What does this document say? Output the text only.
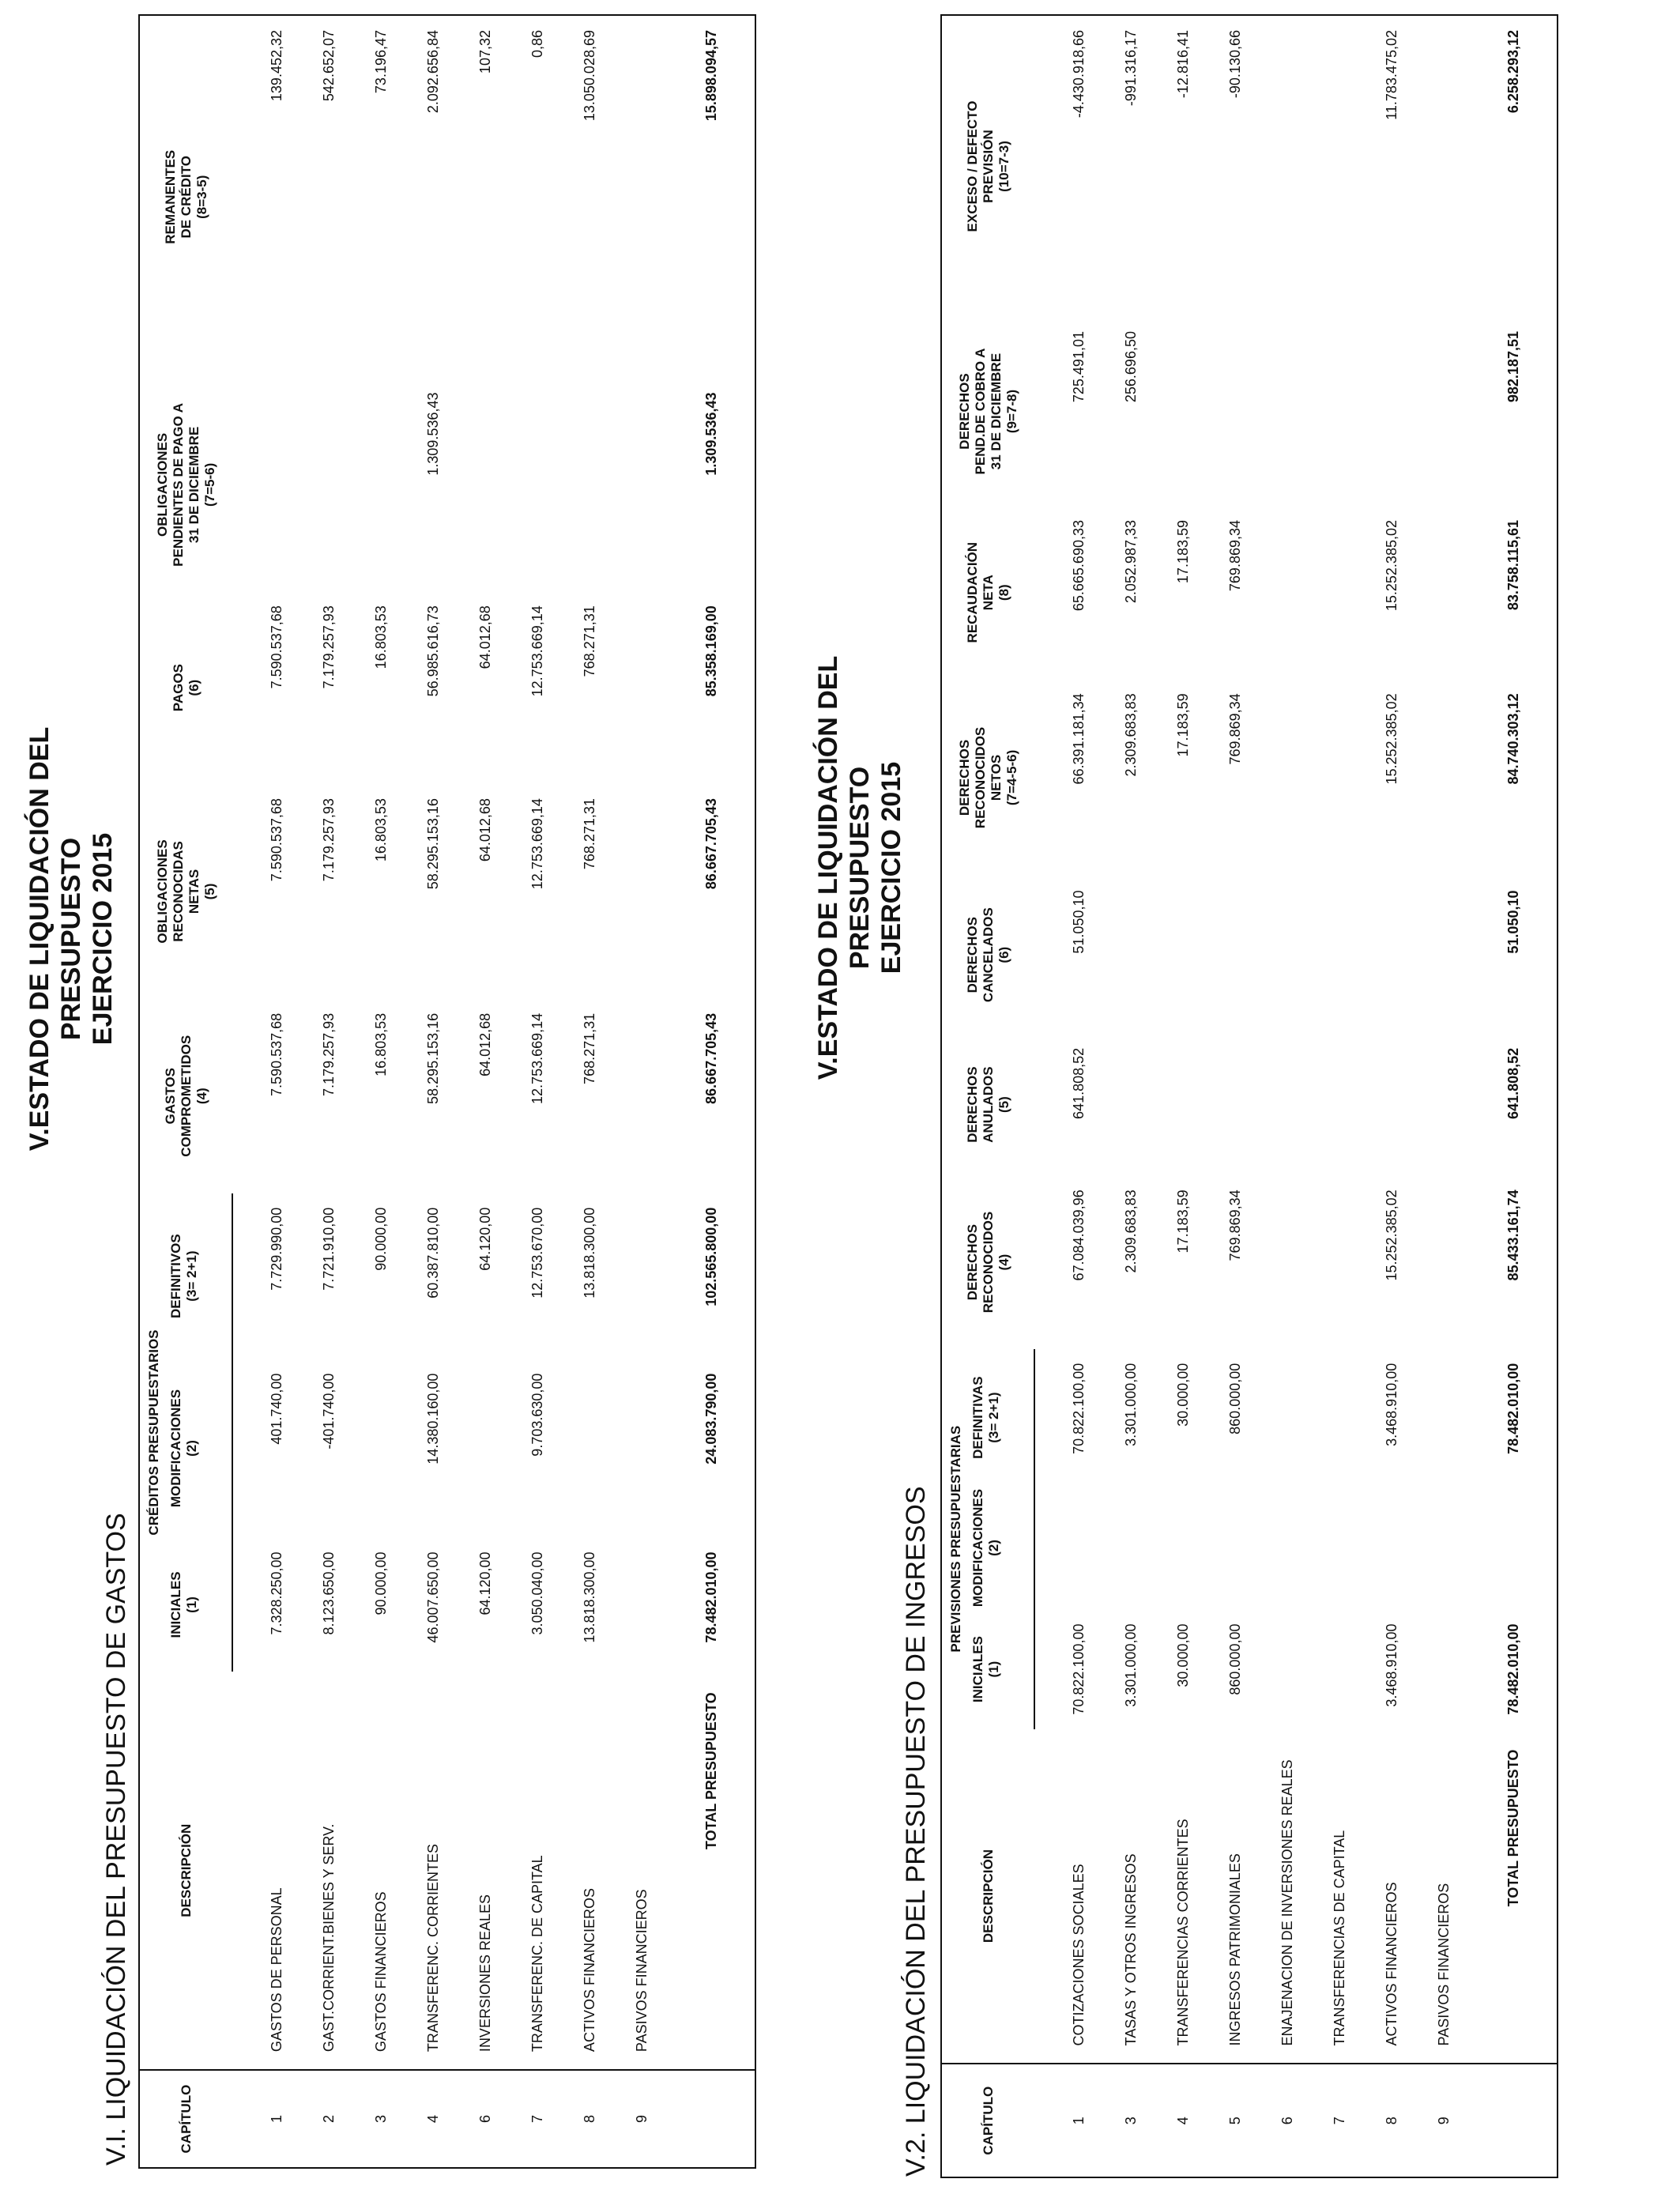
V.ESTADO DE LIQUIDACIÓN DEL PRESUPUESTO EJERCICIO 2015
V.I. LIQUIDACIÓN DEL PRESUPUESTO DE GASTOS	CAPÍTULO	DESCRIPCIÓN	CRÉDITOS PRESUPUESTARIOS			GASTOS
COMPROMETIDOS
(4)	OBLIGACIONES
RECONOCIDAS
NETAS
(5)	PAGOS
(6)	OBLIGACIONES
PENDIENTES DE PAGO A
31 DE DICIEMBRE
(7=5-6)	REMANENTES
DE CRÉDITO
(8=3-5)
		INICIALES
(1)	MODIFICACIONES
(2)	DEFINITIVOS
(3= 2+1)					

1	GASTOS DE PERSONAL	7.328.250,00	401.740,00	7.729.990,00	7.590.537,68	7.590.537,68	7.590.537,68		139.452,32
2	GAST.CORRIENT.BIENES Y SERV.	8.123.650,00	-401.740,00	7.721.910,00	7.179.257,93	7.179.257,93	7.179.257,93		542.652,07
3	GASTOS FINANCIEROS	90.000,00		90.000,00	16.803,53	16.803,53	16.803,53		73.196,47
4	TRANSFERENC. CORRIENTES	46.007.650,00	14.380.160,00	60.387.810,00	58.295.153,16	58.295.153,16	56.985.616,73	1.309.536,43	2.092.656,84
6	INVERSIONES REALES	64.120,00		64.120,00	64.012,68	64.012,68	64.012,68		107,32
7	TRANSFERENC. DE CAPITAL	3.050.040,00	9.703.630,00	12.753.670,00	12.753.669,14	12.753.669,14	12.753.669,14		0,86
8	ACTIVOS FINANCIEROS	13.818.300,00		13.818.300,00	768.271,31	768.271,31	768.271,31		13.050.028,69
9	PASIVOS FINANCIEROS								
	TOTAL PRESUPUESTO	78.482.010,00	24.083.790,00	102.565.800,00	86.667.705,43	86.667.705,43	85.358.169,00	1.309.536,43	15.898.094,57
V.ESTADO DE LIQUIDACIÓN DEL PRESUPUESTO EJERCICIO 2015
V.2. LIQUIDACIÓN DEL PRESUPUESTO DE INGRESOS	CAPÍTULO	DESCRIPCIÓN	PREVISIONES PRESUPUESTARIAS			DERECHOS
RECONOCIDOS
(4)	DERECHOS
ANULADOS
(5)	DERECHOS
CANCELADOS
(6)	DERECHOS
RECONOCIDOS
NETOS
(7=4-5-6)	RECAUDACIÓN
NETA
(8)	DERECHOS
PEND.DE COBRO A
31 DE DICIEMBRE
(9=7-8)	EXCESO / DEFECTO
PREVISIÓN
(10=7-3)
		INICIALES
(1)	MODIFICACIONES
(2)	DEFINITIVAS
(3= 2+1)							

1	COTIZACIONES SOCIALES	70.822.100,00		70.822.100,00	67.084.039,96	641.808,52	51.050,10	66.391.181,34	65.665.690,33	725.491,01	-4.430.918,66
3	TASAS Y OTROS INGRESOS	3.301.000,00		3.301.000,00	2.309.683,83			2.309.683,83	2.052.987,33	256.696,50	-991.316,17
4	TRANSFERENCIAS CORRIENTES	30.000,00		30.000,00	17.183,59			17.183,59	17.183,59		-12.816,41
5	INGRESOS PATRIMONIALES	860.000,00		860.000,00	769.869,34			769.869,34	769.869,34		-90.130,66
6	ENAJENACION DE INVERSIONES REALES										
7	TRANSFERENCIAS DE CAPITAL										
8	ACTIVOS FINANCIEROS	3.468.910,00		3.468.910,00	15.252.385,02			15.252.385,02	15.252.385,02		11.783.475,02
9	PASIVOS FINANCIEROS										
	TOTAL PRESUPUESTO	78.482.010,00		78.482.010,00	85.433.161,74	641.808,52	51.050,10	84.740.303,12	83.758.115,61	982.187,51	6.258.293,12
